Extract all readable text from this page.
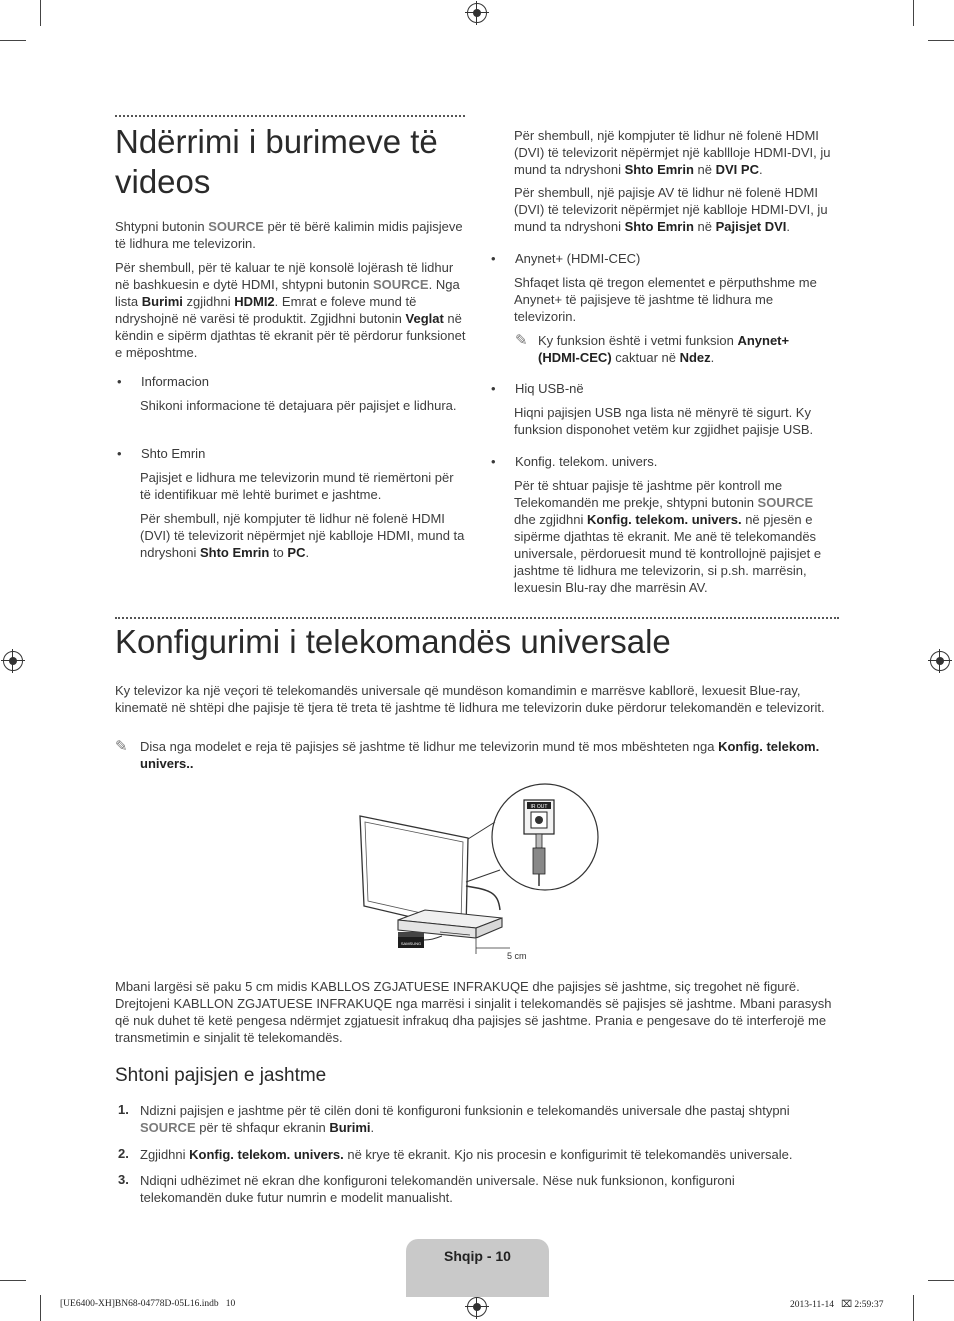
Ndërrimi i burimeve të
videos

Shtypni butonin SOURCE për të bërë kalimin midis pajisjeve të lidhura me televizorin.

Për shembull, për të kaluar te një konsolë lojërash të lidhur në bashkuesin e dytë HDMI, shtypni butonin SOURCE. Nga lista Burimi zgjidhni HDMI2. Emrat e foleve mund të ndryshojnë në varësi të produktit. Zgjidhni butonin Veglat në këndin e sipërm djathtas të ekranit për të përdorur funksionet e mëposhtme.

• Informacion

Shikoni informacione të detajuara për pajisjet e lidhura.

• Shto Emrin

Pajisjet e lidhura me televizorin mund të riemërtoni për të identifikuar më lehtë burimet e jashtme.

Për shembull, një kompjuter të lidhur në folenë HDMI (DVI) të televizorit nëpërmjet një kablloje HDMI, mund ta ndryshoni Shto Emrin to PC.

Për shembull, një kompjuter të lidhur në folenë HDMI (DVI) të televizorit nëpërmjet një kabllloje HDMI-DVI, ju mund ta ndryshoni Shto Emrin në DVI PC.

Për shembull, një pajisje AV të lidhur në folenë HDMI (DVI) të televizorit nëpërmjet një kablloje HDMI-DVI, ju mund ta ndryshoni Shto Emrin në Pajisjet DVI.

• Anynet+ (HDMI-CEC)

Shfaqet lista që tregon elementet e përputhshme me Anynet+ të pajisjeve të jashtme të lidhura me televizorin.

✎ Ky funksion është i vetmi funksion Anynet+ (HDMI-CEC) caktuar në Ndez.

• Hiq USB-në

Hiqni pajisjen USB nga lista në mënyrë të sigurt. Ky funksion disponohet vetëm kur zgjidhet pajisje USB.

• Konfig. telekom. univers.

Për të shtuar pajisje të jashtme për kontroll me Telekomandën me prekje, shtypni butonin SOURCE dhe zgjidhni Konfig. telekom. univers. në pjesën e sipërme djathtas të ekranit. Me anë të telekomandës universale, përdoruesit mund të kontrollojnë pajisjet e jashtme të lidhura me televizorin, si p.sh. marrësin, lexuesin Blu-ray dhe marrësin AV.

Konfigurimi i telekomandës universale

Ky televizor ka një veçori të telekomandës universale që mundëson komandimin e marrësve kabllorë, lexuesit Blue-ray, kinematë në shtëpi dhe pajisje të tjera të treta të jashtme të lidhura me televizorin duke përdorur telekomandën e televizorit.

✎ Disa nga modelet e reja të pajisjes së jashtme të lidhur me televizorin mund të mos mbështeten nga Konfig. telekom. univers..

IR OUT
SAMSUNG
5 cm

Mbani largësi së paku 5 cm midis KABLLOS ZGJATUESE INFRAKUQE dhe pajisjes së jashtme, siç tregohet në figurë. Drejtojeni KABLLON ZGJATUESE INFRAKUQE nga marrësi i sinjalit i telekomandës së pajisjes së jashtme. Mbani parasysh që nuk duhet të ketë pengesa ndërmjet zgjatuesit infrakuq dha pajisjes së jashtme. Prania e pengesave do të interferojë me transmetimin e sinjalit të telekomandës.

Shtoni pajisjen e jashtme
1. Ndizni pajisjen e jashtme për të cilën doni të konfiguroni funksionin e telekomandës universale dhe pastaj shtypni SOURCE për të shfaqur ekranin Burimi.

2. Zgjidhni Konfig. telekom. univers. në krye të ekranit. Kjo nis procesin e konfigurimit të telekomandës universale.

3. Ndiqni udhëzimet në ekran dhe konfiguroni telekomandën universale. Nëse nuk funksionon, konfiguroni telekomandën duke futur numrin e modelit manualisht.

Shqip - 10
[UE6400-XH]BN68-04778D-05L16.indb   10	2013-11-14   ⌧ 2:59:37
